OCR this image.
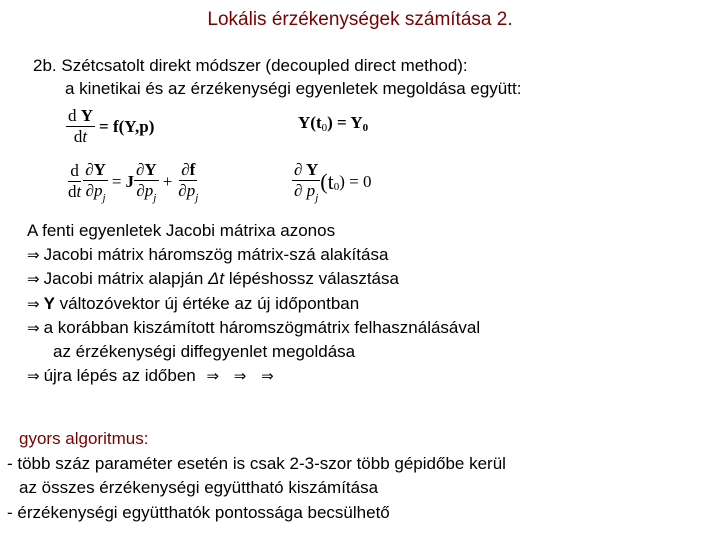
Lokális érzékenységek számítása 2.
2b. Szétcsatolt direkt módszer (decoupled direct method):
a kinetikai és az érzékenységi egyenletek megoldása együtt:
$\frac{\text{d Y}}{dt} = f(Y,p)$	Y(t 0 ) = Y 0
$\frac{d}{dt} \frac{\partial Y}{\partial p_j} = J \frac{\partial Y}{\partial p_j} + \frac{\partial f}{\partial p_j}$	$\frac{\partial Y}{\partial p_j} (t$ 0 ) = 0
A fenti egyenletek Jacobi mátrixa azonos
⇒ Jacobi mátrix háromszög mátrix-szá alakítása
⇒ Jacobi mátrix alapján Δt lépéshossz választása
⇒ Y változóvektor új értéke az új időpontban
⇒ a korábban kiszámított háromszögmátrix felhasználásával
az érzékenységi diffegyenlet megoldása
⇒ újra lépés az időben ⇒ ⇒ ⇒
gyors algoritmus:
- több száz paraméter esetén is csak 2-3-szor több gépidőbe kerül
az összes érzékenységi együttható kiszámítása
- érzékenységi együtthatók pontossága becsülhető
